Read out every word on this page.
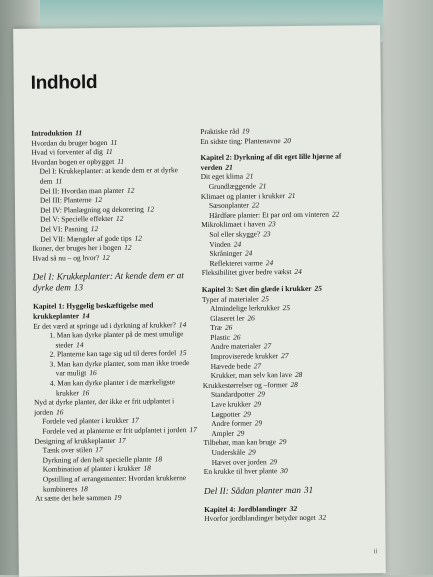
Indhold
Introduktion 11
Hvordan du bruger bogen 11
Hvad vi forventer af dig 11
Hvordan bogen er opbygget 11
Del I: Krukkeplanter: at kende dem er at dyrke dem 11
Del II: Hvordan man planter 12
Del III: Planterne 12
Del IV: Planlægning og dekorering 12
Del V: Specielle effekter 12
Del VI: Pasning 12
Del VII: Mængder af gode tips 12
Ikoner, der bruges her i bogen 12
Hvad så nu – og hvor? 12
Del I: Krukkeplanter: At kende dem er at dyrke dem 13
Kapitel 1: Hyggelig beskæftigelse med krukkeplanter 14
Er det værd at springe ud i dyrkning af krukker? 14
1. Man kan dyrke planter på de mest umulige steder 14
2. Planterne kan tage sig ud til deres fordel 15
3. Man kan dyrke planter, som man ikke troede var muligt 16
4. Man kan dyrke planter i de mærkeligste krukker 16
Nyd at dyrke planter, der ikke er frit udplantet i jorden 16
Fordele ved planter i krukker 17
Fordele ved at planterne er frit udplantet i jorden 17
Designing af krukkeplanter 17
Tænk over stilen 17
Dyrkning af den helt specielle plante 18
Kombination af planter i krukker 18
Opstilling af arrangementer: Hvordan krukkerne kombineres 18
At sætte det hele sammen 19
Praktiske råd 19
En sidste ting: Plantenavne 20
Kapitel 2: Dyrkning af dit eget lille hjørne af verden 21
Dit eget klima 21
Grundlæggende 21
Klimaet og planter i krukker 21
Sæsonplanter 22
Hårdføre planter: Et par ord om vinteren 22
Mikroklimaet i haven 23
Sol eller skygge? 23
Vinden 24
Skråninger 24
Reflekteret varme 24
Fleksibilitet giver bedre vækst 24
Kapitel 3: Sæt din glæde i krukker 25
Typer af materialer 25
Almindelige lerkrukker 25
Glaseret ler 26
Træ 26
Plastic 26
Andre materialer 27
Improviserede krukker 27
Hævede bede 27
Krukker, man selv kan lave 28
Krukkestørrelser og –former 28
Standardpotter 29
Lave krukker 29
Løgpotter 29
Andre former 29
Ampler 29
Tilbehør, man kan bruge 29
Underskåle 29
Hævet over jorden 29
En krukke til hver plante 30
Del II: Sådan planter man 31
Kapitel 4: Jordblandinger 32
Hvorfor jordblandinger betyder noget 32
ii
